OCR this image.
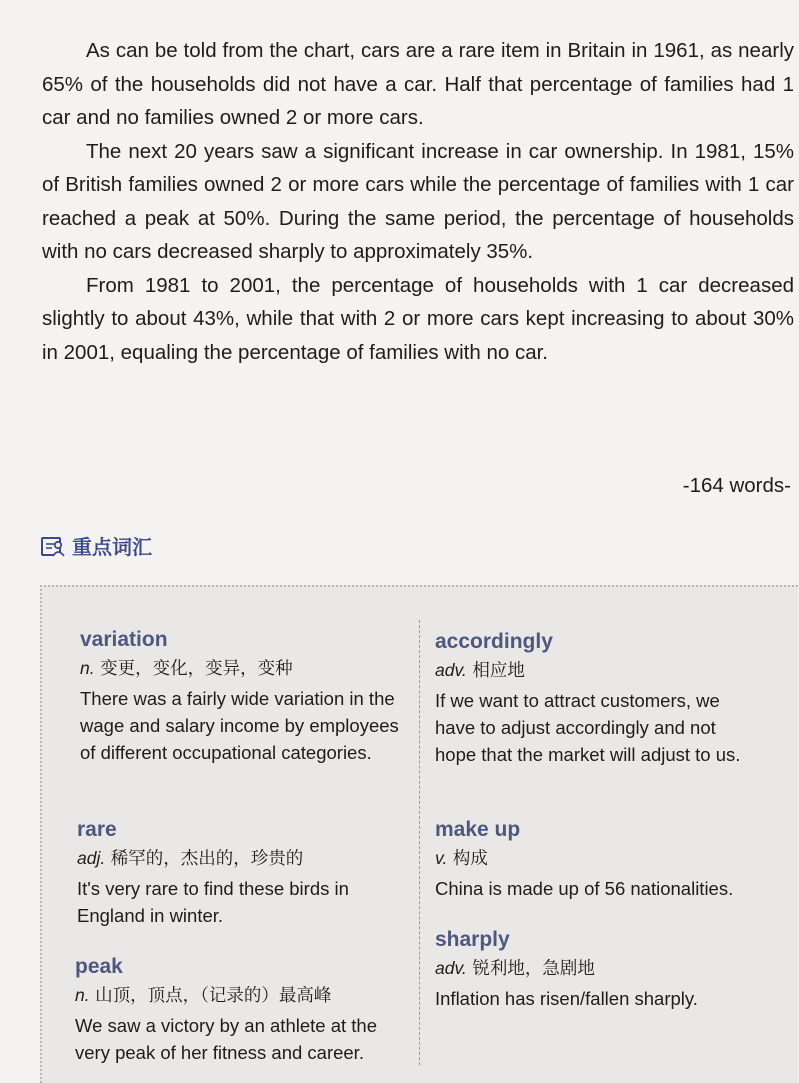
As can be told from the chart, cars are a rare item in Britain in 1961, as nearly 65% of the households did not have a car. Half that percentage of families had 1 car and no families owned 2 or more cars.

The next 20 years saw a significant increase in car ownership. In 1981, 15% of British families owned 2 or more cars while the percentage of families with 1 car reached a peak at 50%. During the same period, the percentage of households with no cars decreased sharply to approximately 35%.

From 1981 to 2001, the percentage of households with 1 car decreased slightly to about 43%, while that with 2 or more cars kept increasing to about 30% in 2001, equaling the percentage of families with no car.

-164 words-
重点词汇
variation
n. 变更，变化，变异，变种
There was a fairly wide variation in the wage and salary income by employees of different occupational categories.
rare
adj. 稀罕的，杰出的，珍贵的
It's very rare to find these birds in England in winter.
peak
n. 山顶，顶点，（记录的）最高峰
We saw a victory by an athlete at the very peak of her fitness and career.
accordingly
adv. 相应地
If we want to attract customers, we have to adjust accordingly and not hope that the market will adjust to us.
make up
v. 构成
China is made up of 56 nationalities.
sharply
adv. 锐利地，急剧地
Inflation has risen/fallen sharply.
